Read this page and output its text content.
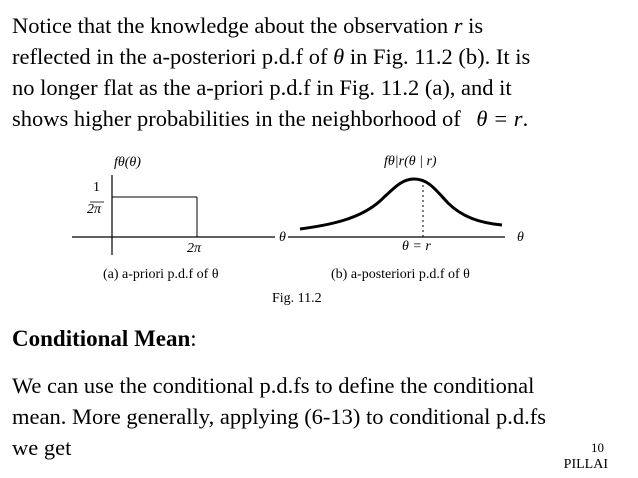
Notice that the knowledge about the observation r is

reflected in the a-posteriori p.d.f of θ in Fig. 11.2 (b). It is

no longer flat as the a-priori p.d.f in Fig. 11.2 (a), and it

shows higher probabilities in the neighborhood of θ = r.

fθ(θ)
1
2π
2π
θ
(a) a-priori p.d.f of θ
fθ|r(θ | r)
θ = r
θ
(b) a-posteriori p.d.f of θ
Fig. 11.2
Conditional Mean:

We can use the conditional p.d.fs to define the conditional

mean. More generally, applying (6-13) to conditional p.d.fs

we get	10
PILLAI
